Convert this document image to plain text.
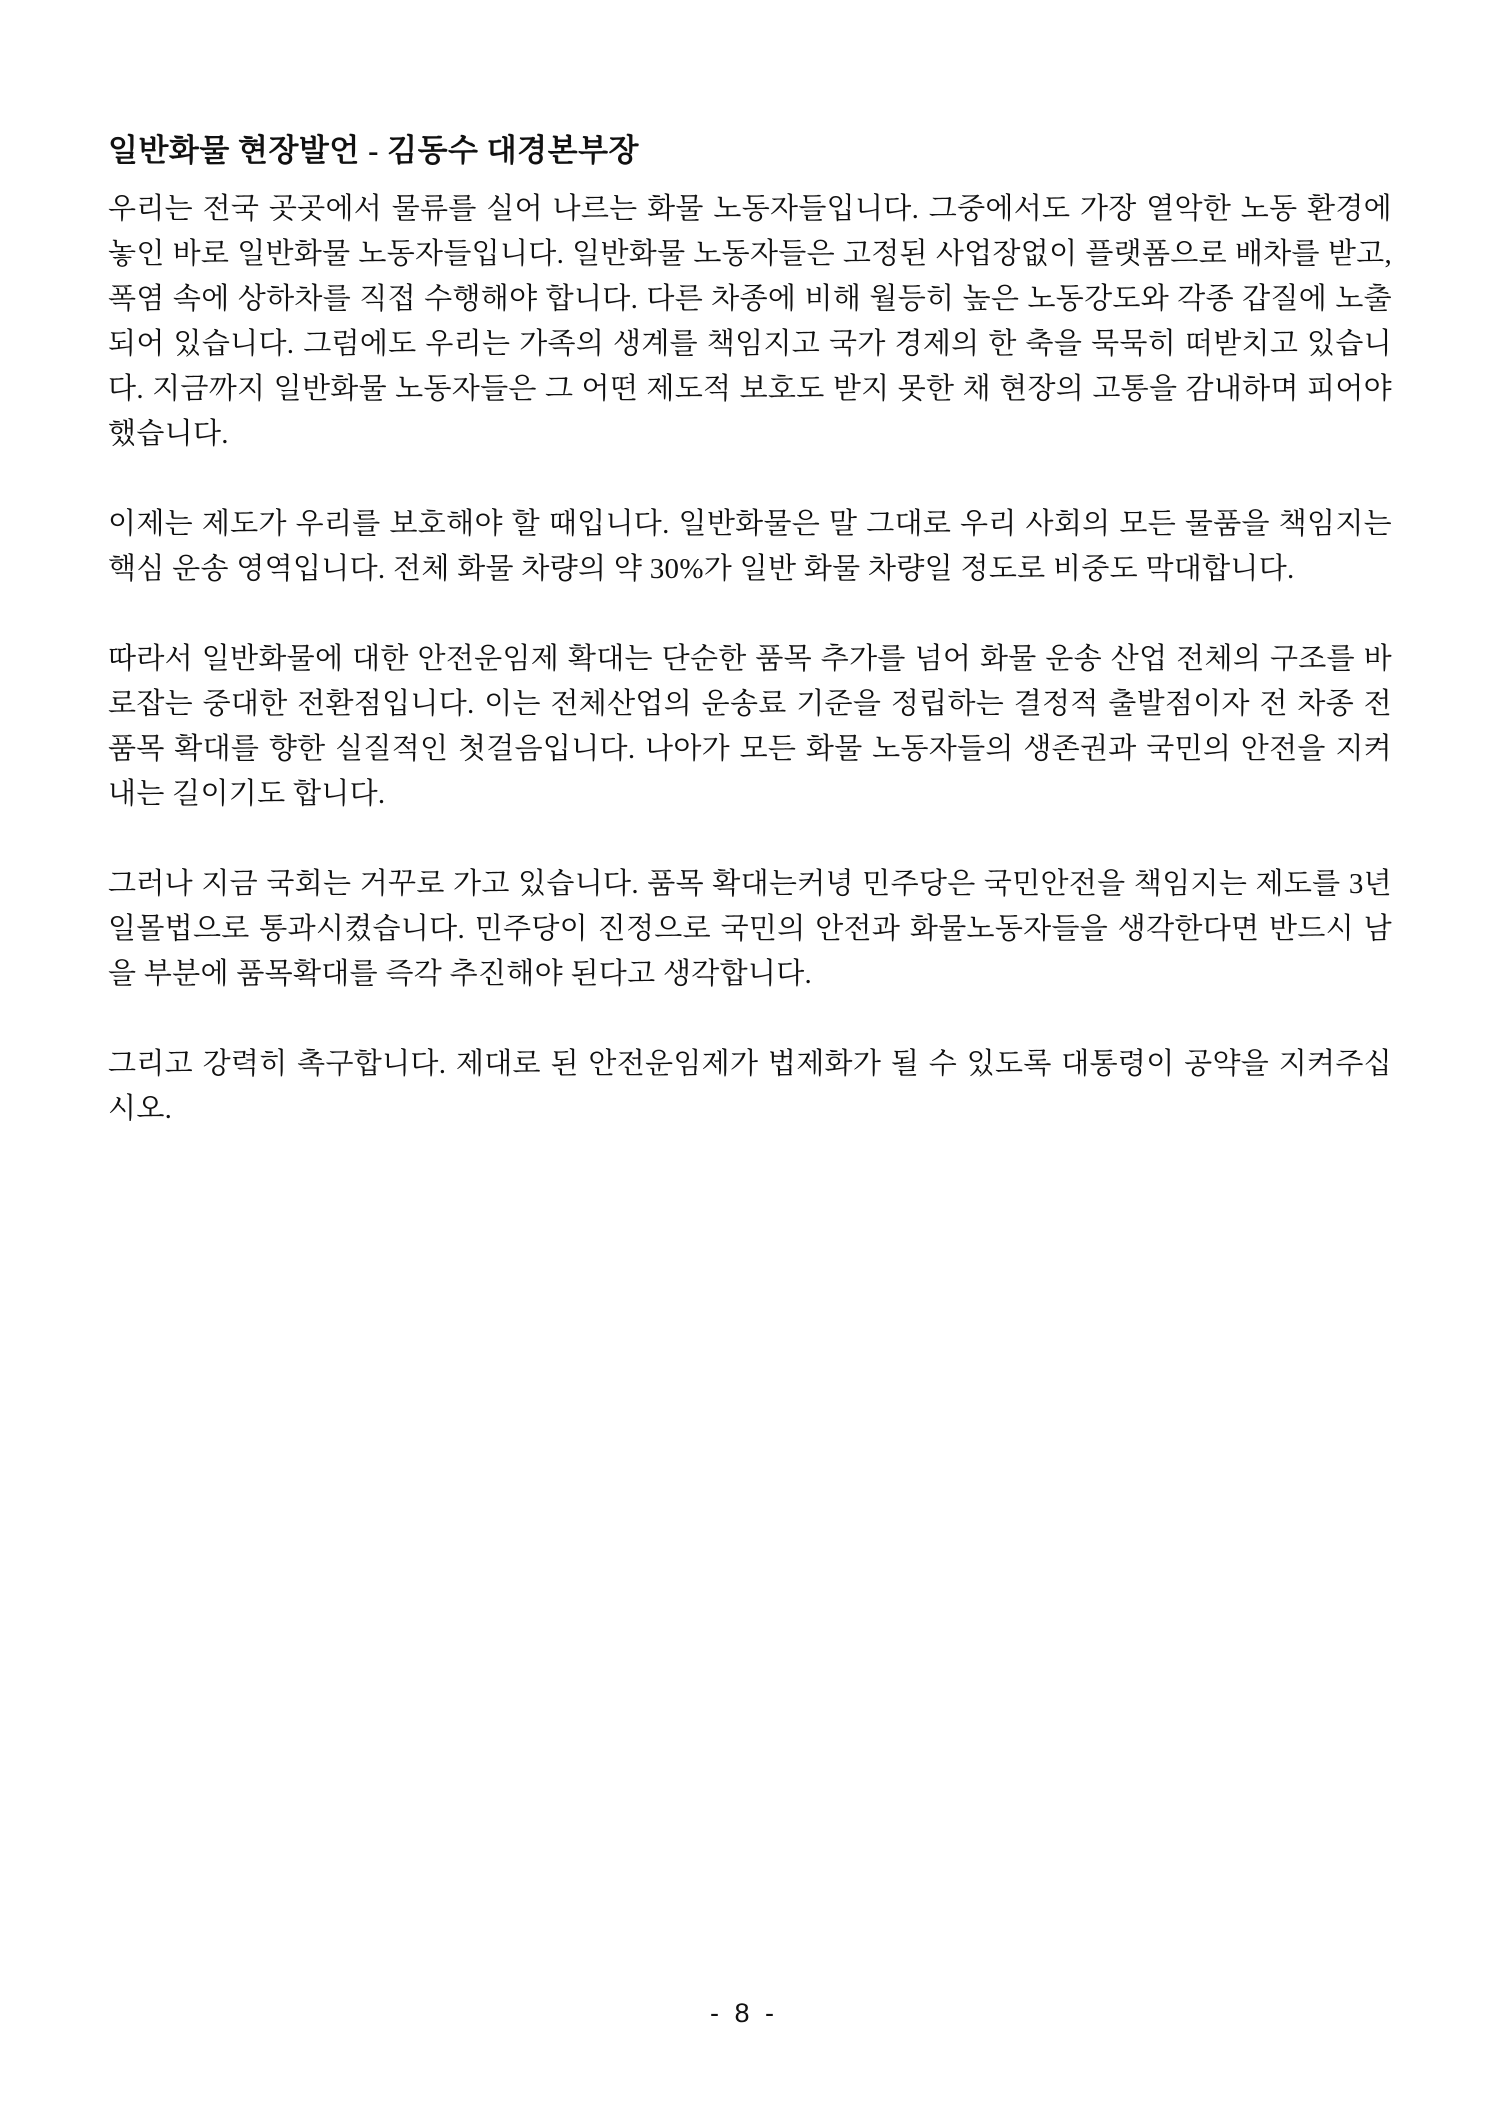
일반화물 현장발언 - 김동수 대경본부장

우리는 전국 곳곳에서 물류를 실어 나르는 화물 노동자들입니다. 그중에서도 가장 열악한 노동 환경에 놓인 바로 일반화물 노동자들입니다. 일반화물 노동자들은 고정된 사업장없이 플랫폼으로 배차를 받고, 폭염 속에 상하차를 직접 수행해야 합니다. 다른 차종에 비해 월등히 높은 노동강도와 각종 갑질에 노출되어 있습니다. 그럼에도 우리는 가족의 생계를 책임지고 국가 경제의 한 축을 묵묵히 떠받치고 있습니다. 지금까지 일반화물 노동자들은 그 어떤 제도적 보호도 받지 못한 채 현장의 고통을 감내하며 피어야 했습니다.

이제는 제도가 우리를 보호해야 할 때입니다. 일반화물은 말 그대로 우리 사회의 모든 물품을 책임지는 핵심 운송 영역입니다. 전체 화물 차량의 약 30%가 일반 화물 차량일 정도로 비중도 막대합니다.

따라서 일반화물에 대한 안전운임제 확대는 단순한 품목 추가를 넘어 화물 운송 산업 전체의 구조를 바로잡는 중대한 전환점입니다. 이는 전체산업의 운송료 기준을 정립하는 결정적 출발점이자 전 차종 전 품목 확대를 향한 실질적인 첫걸음입니다. 나아가 모든 화물 노동자들의 생존권과 국민의 안전을 지켜내는 길이기도 합니다.

그러나 지금 국회는 거꾸로 가고 있습니다. 품목 확대는커녕 민주당은 국민안전을 책임지는 제도를 3년 일몰법으로 통과시켰습니다. 민주당이 진정으로 국민의 안전과 화물노동자들을 생각한다면 반드시 남을 부분에 품목확대를 즉각 추진해야 된다고 생각합니다.

그리고 강력히 촉구합니다. 제대로 된 안전운임제가 법제화가 될 수 있도록 대통령이 공약을 지켜주십시오.

- 8 -
